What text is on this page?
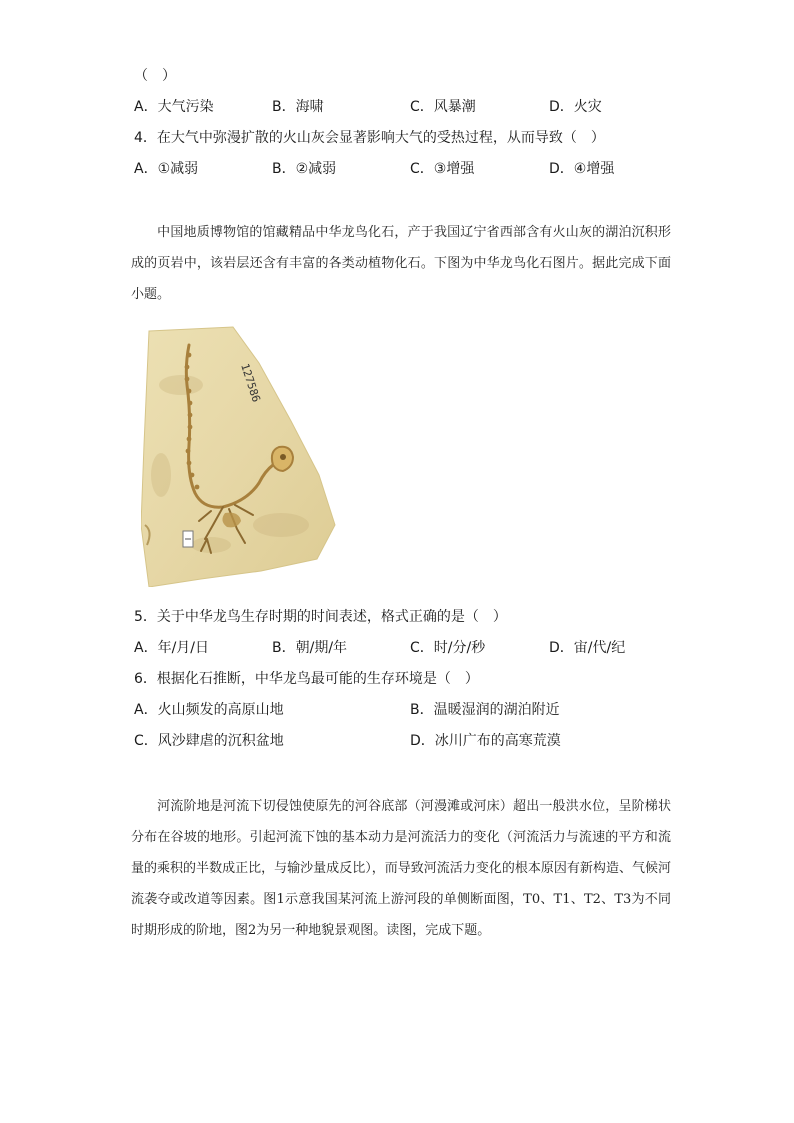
（　）
A．大气污染	B．海啸	C．风暴潮	D．火灾
4．在大气中弥漫扩散的火山灰会显著影响大气的受热过程，从而导致（　）
A．①减弱	B．②减弱	C．③增强	D．④增强
中国地质博物馆的馆藏精品中华龙鸟化石，产于我国辽宁省西部含有火山灰的湖泊沉积形成的页岩中，该岩层还含有丰富的各类动植物化石。下图为中华龙鸟化石图片。据此完成下面小题。
127586
5．关于中华龙鸟生存时期的时间表述，格式正确的是（　）
A．年/月/日	B．朝/期/年	C．时/分/秒	D．宙/代/纪
6．根据化石推断，中华龙鸟最可能的生存环境是（　）
A．火山频发的高原山地	B．温暖湿润的湖泊附近
C．风沙肆虐的沉积盆地	D．冰川广布的高寒荒漠
河流阶地是河流下切侵蚀使原先的河谷底部（河漫滩或河床）超出一般洪水位，呈阶梯状分布在谷坡的地形。引起河流下蚀的基本动力是河流活力的变化（河流活力与流速的平方和流量的乘积的半数成正比，与输沙量成反比），而导致河流活力变化的根本原因有新构造、气候河流袭夺或改道等因素。图1示意我国某河流上游河段的单侧断面图，T0、T1、T2、T3为不同时期形成的阶地，图2为另一种地貌景观图。读图，完成下题。
